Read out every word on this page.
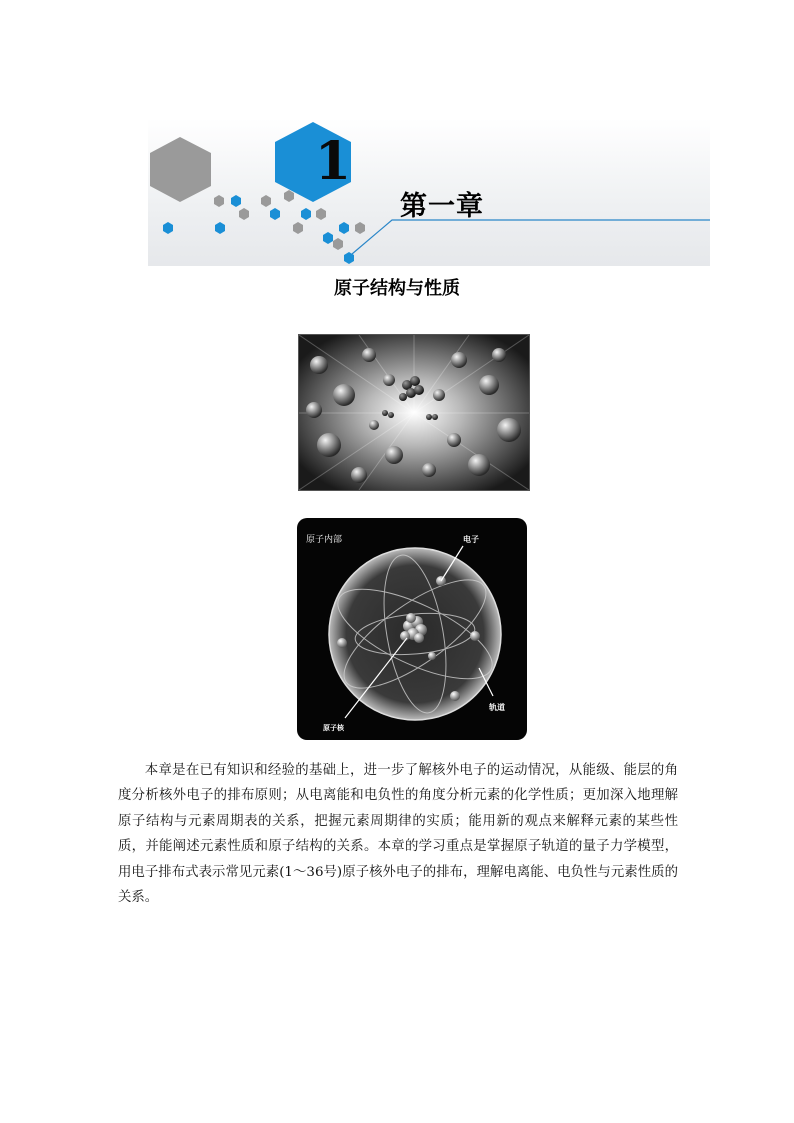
1
第一章
原子结构与性质
原子内部	电子
轨道
原子核

本章是在已有知识和经验的基础上，进一步了解核外电子的运动情况，从能级、能层的角度分析核外电子的排布原则；从电离能和电负性的角度分析元素的化学性质；更加深入地理解原子结构与元素周期表的关系，把握元素周期律的实质；能用新的观点来解释元素的某些性质，并能阐述元素性质和原子结构的关系。本章的学习重点是掌握原子轨道的量子力学模型，用电子排布式表示常见元素(1～36号)原子核外电子的排布，理解电离能、电负性与元素性质的关系。
